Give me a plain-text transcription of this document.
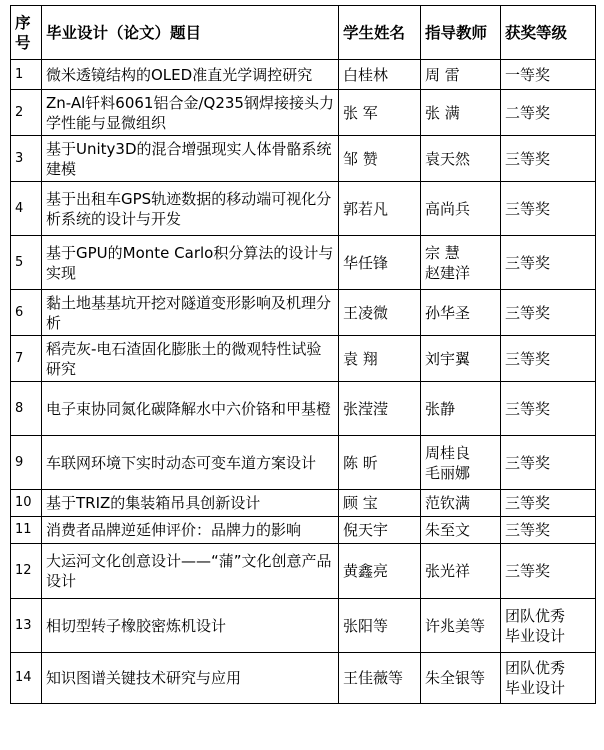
序号	毕业设计（论文）题目	学生姓名	指导教师	获奖等级
1	微米透镜结构的OLED准直光学调控研究	白桂林	周 雷	一等奖

2	Zn-Al钎料6061铝合金/Q235钢焊接接头力学性能与显微组织	张 军	张 满	二等奖

3	基于Unity3D的混合增强现实人体骨骼系统建模	邹 赞	袁天然	三等奖

4	基于出租车GPS轨迹数据的移动端可视化分析系统的设计与开发	郭若凡	高尚兵	三等奖

5	基于GPU的Monte Carlo积分算法的设计与实现	华任锋	宗 慧
赵建洋	三等奖

6	黏土地基基坑开挖对隧道变形影响及机理分析	王凌微	孙华圣	三等奖

7	稻壳灰-电石渣固化膨胀土的微观特性试验研究	袁 翔	刘宇翼	三等奖

8	电子束协同氮化碳降解水中六价铬和甲基橙	张滢滢	张静	三等奖

9	车联网环境下实时动态可变车道方案设计	陈 昕	周桂良
毛丽娜	三等奖

10	基于TRIZ的集装箱吊具创新设计	顾 宝	范钦满	三等奖

11	消费者品牌逆延伸评价：品牌力的影响	倪天宇	朱至文	三等奖

12	大运河文化创意设计——“蒲”文化创意产品设计	黄鑫亮	张光祥	三等奖

13	相切型转子橡胶密炼机设计	张阳等	许兆美等	团队优秀
毕业设计

14	知识图谱关键技术研究与应用	王佳薇等	朱全银等	团队优秀
毕业设计
